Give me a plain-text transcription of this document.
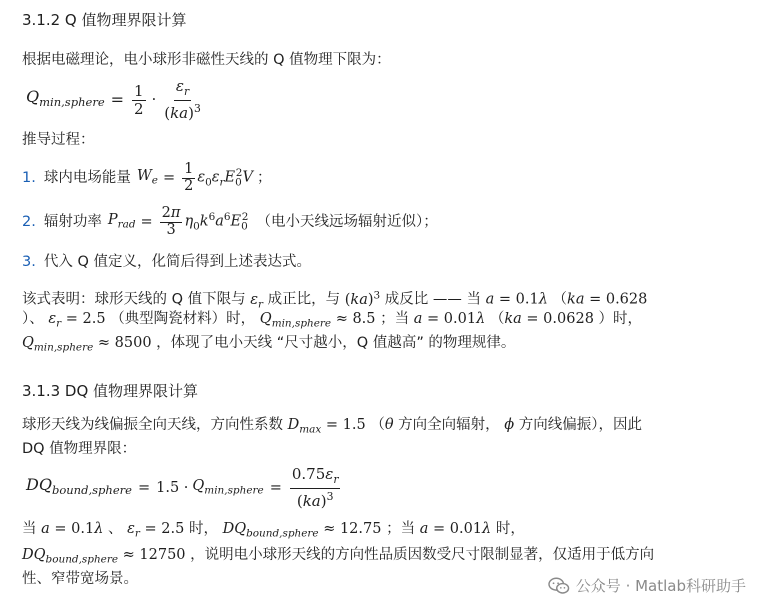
3.1.2 Q 值物理界限计算
根据电磁理论，电小球形非磁性天线的 Q 值物理下限为：
$Q_{min,sphere} = \frac{1}{2} \cdot \frac{\varepsilon_r}{(ka)^3}$
推导过程：
1. 球内电场能量 $W_e = \frac{1}{2} \varepsilon_0\varepsilon_rE_0^2V$ ；
2. 辐射功率 $P_{rad} = \frac{2\pi}{3} \eta_0k^6a^6E_0^2$ （电小天线远场辐射近似）；
3. 代入 Q 值定义，化简后得到上述表达式。
该式表明：球形天线的 Q 值下限与 $\varepsilon_r$ 成正比，与 (ka)$^3$ 成反比 —— 当 a = 0.1λ （ka = 0.628
）、 $\varepsilon_r = 2.5$ （典型陶瓷材料）时， $Q_{min,sphere} \approx 8.5$ ；当 a = 0.01λ （ka = 0.0628 ）时，
$Q_{min,sphere} \approx 8500$ ，体现了电小天线 “尺寸越小，Q 值越高” 的物理规律。
3.1.3 DQ 值物理界限计算
球形天线为线偏振全向天线，方向性系数 $D_{max} = 1.5$ （θ 方向全向辐射， ϕ 方向线偏振），因此
DQ 值物理界限：
$DQ_{bound,sphere} = 1.5 \cdot Q_{min,sphere} = \frac{0.75\varepsilon_r}{(ka)^3}$
当 a = 0.1λ 、 $\varepsilon_r = 2.5$ 时， $DQ_{bound,sphere} \approx 12.75$ ；当 a = 0.01λ 时，
$DQ_{bound,sphere} \approx 12750$ ，说明电小球形天线的方向性品质因数受尺寸限制显著，仅适用于低方向
性、窄带宽场景。	公众号 · Matlab科研助手
